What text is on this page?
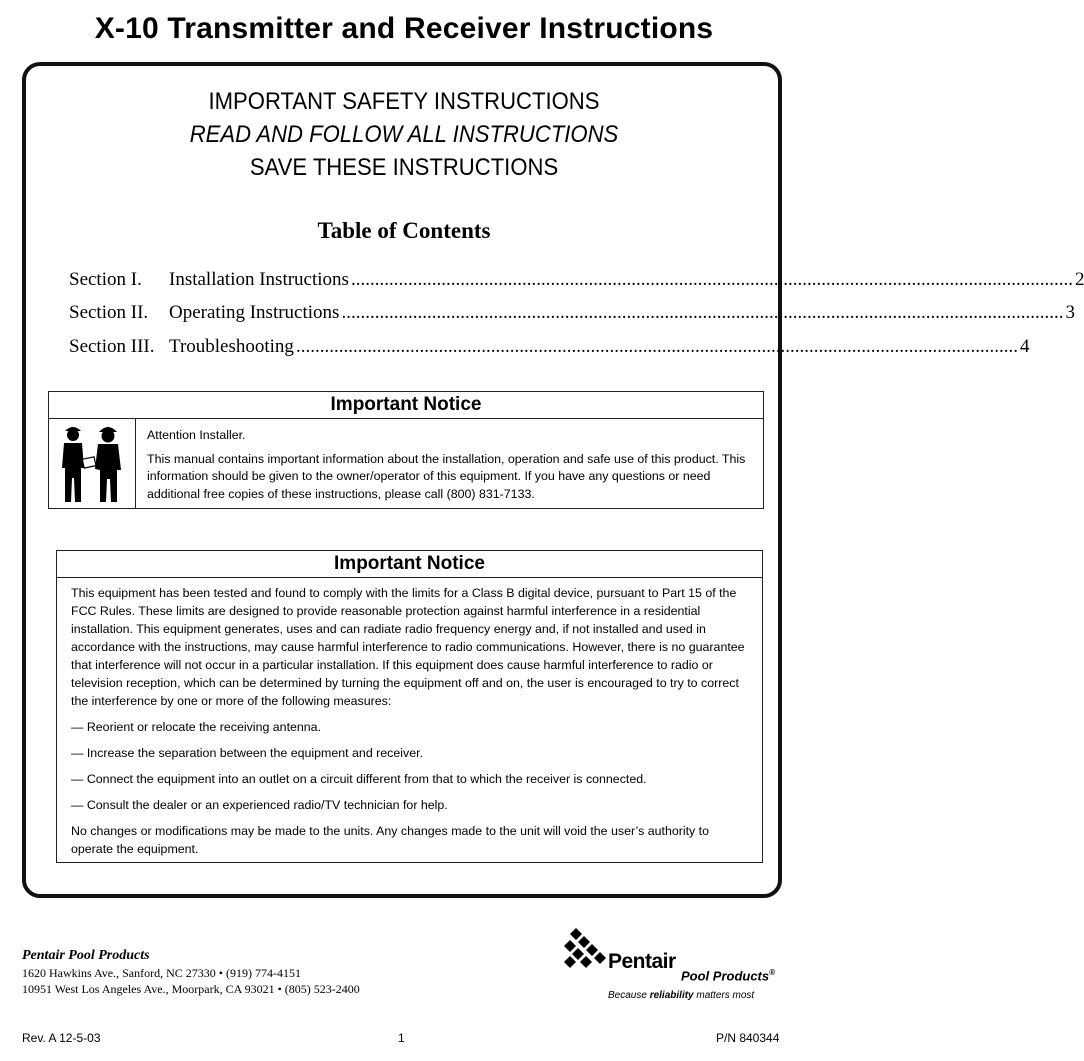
X-10 Transmitter and Receiver Instructions
IMPORTANT SAFETY INSTRUCTIONS
READ AND FOLLOW ALL INSTRUCTIONS
SAVE THESE INSTRUCTIONS
Table of Contents
Section I.	Installation Instructions ........................................................................................................................................................ 2
Section II.	Operating Instructions ........................................................................................................................................................ 3
Section III. Troubleshooting ........................................................................................................................................................ 4
Important Notice

Attention Installer.

This manual contains important information about the installation, operation and safe use of this product. This information should be given to the owner/operator of this equipment. If you have any questions or need additional free copies of these instructions, please call (800) 831-7133.

Important Notice

This equipment has been tested and found to comply with the limits for a Class B digital device, pursuant to Part 15 of the FCC Rules. These limits are designed to provide reasonable protection against harmful interference in a residential installation. This equipment generates, uses and can radiate radio frequency energy and, if not installed and used in accordance with the instructions, may cause harmful interference to radio communications. However, there is no guarantee that interference will not occur in a particular installation. If this equipment does cause harmful interference to radio or television reception, which can be determined by turning the equipment off and on, the user is encouraged to try to correct the interference by one or more of the following measures:

— Reorient or relocate the receiving antenna.

— Increase the separation between the equipment and receiver.

— Connect the equipment into an outlet on a circuit different from that to which the receiver is connected.

— Consult the dealer or an experienced radio/TV technician for help.

No changes or modifications may be made to the units. Any changes made to the unit will void the user’s authority to operate the equipment.

Pentair Pool Products
1620 Hawkins Ave., Sanford, NC 27330 • (919) 774-4151
10951 West Los Angeles Ave., Moorpark, CA 93021 • (805) 523-2400
Pentair
Pool Products®
Because reliability matters most
Rev. A 12-5-03	1	P/N 840344
